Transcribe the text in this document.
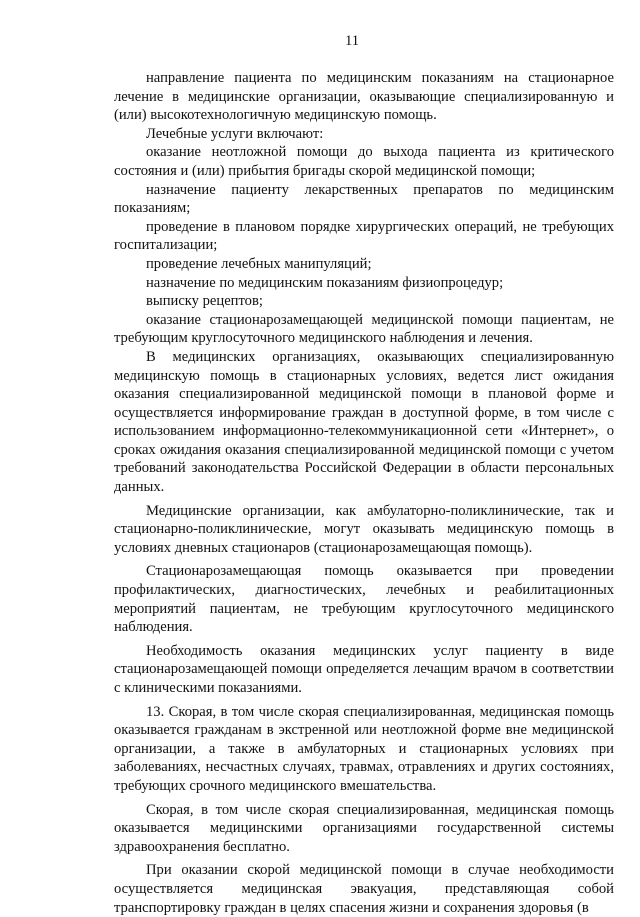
11

направление пациента по медицинским показаниям на стационарное лечение в медицинские организации, оказывающие специализированную и (или) высокотехнологичную медицинскую помощь.

Лечебные услуги включают:

оказание неотложной помощи до выхода пациента из критического состояния и (или) прибытия бригады скорой медицинской помощи;

назначение пациенту лекарственных препаратов по медицинским показаниям;

проведение в плановом порядке хирургических операций, не требующих госпитализации;

проведение лечебных манипуляций;

назначение по медицинским показаниям физиопроцедур;

выписку рецептов;

оказание стационарозамещающей медицинской помощи пациентам, не требующим круглосуточного медицинского наблюдения и лечения.

В медицинских организациях, оказывающих специализированную медицинскую помощь в стационарных условиях, ведется лист ожидания оказания специализированной медицинской помощи в плановой форме и осуществляется информирование граждан в доступной форме, в том числе с использованием информационно-телекоммуникационной сети «Интернет», о сроках ожидания оказания специализированной медицинской помощи с учетом требований законодательства Российской Федерации в области персональных данных.

Медицинские организации, как амбулаторно-поликлинические, так и стационарно-поликлинические, могут оказывать медицинскую помощь в условиях дневных стационаров (стационарозамещающая помощь).

Стационарозамещающая помощь оказывается при проведении профилактических, диагностических, лечебных и реабилитационных мероприятий пациентам, не требующим круглосуточного медицинского наблюдения.

Необходимость оказания медицинских услуг пациенту в виде стационарозамещающей помощи определяется лечащим врачом в соответствии с клиническими показаниями.

13. Скорая, в том числе скорая специализированная, медицинская помощь оказывается гражданам в экстренной или неотложной форме вне медицинской организации, а также в амбулаторных и стационарных условиях при заболеваниях, несчастных случаях, травмах, отравлениях и других состояниях, требующих срочного медицинского вмешательства.

Скорая, в том числе скорая специализированная, медицинская помощь оказывается медицинскими организациями государственной системы здравоохранения бесплатно.

При оказании скорой медицинской помощи в случае необходимости осуществляется медицинская эвакуация, представляющая собой транспортировку граждан в целях спасения жизни и сохранения здоровья (в
